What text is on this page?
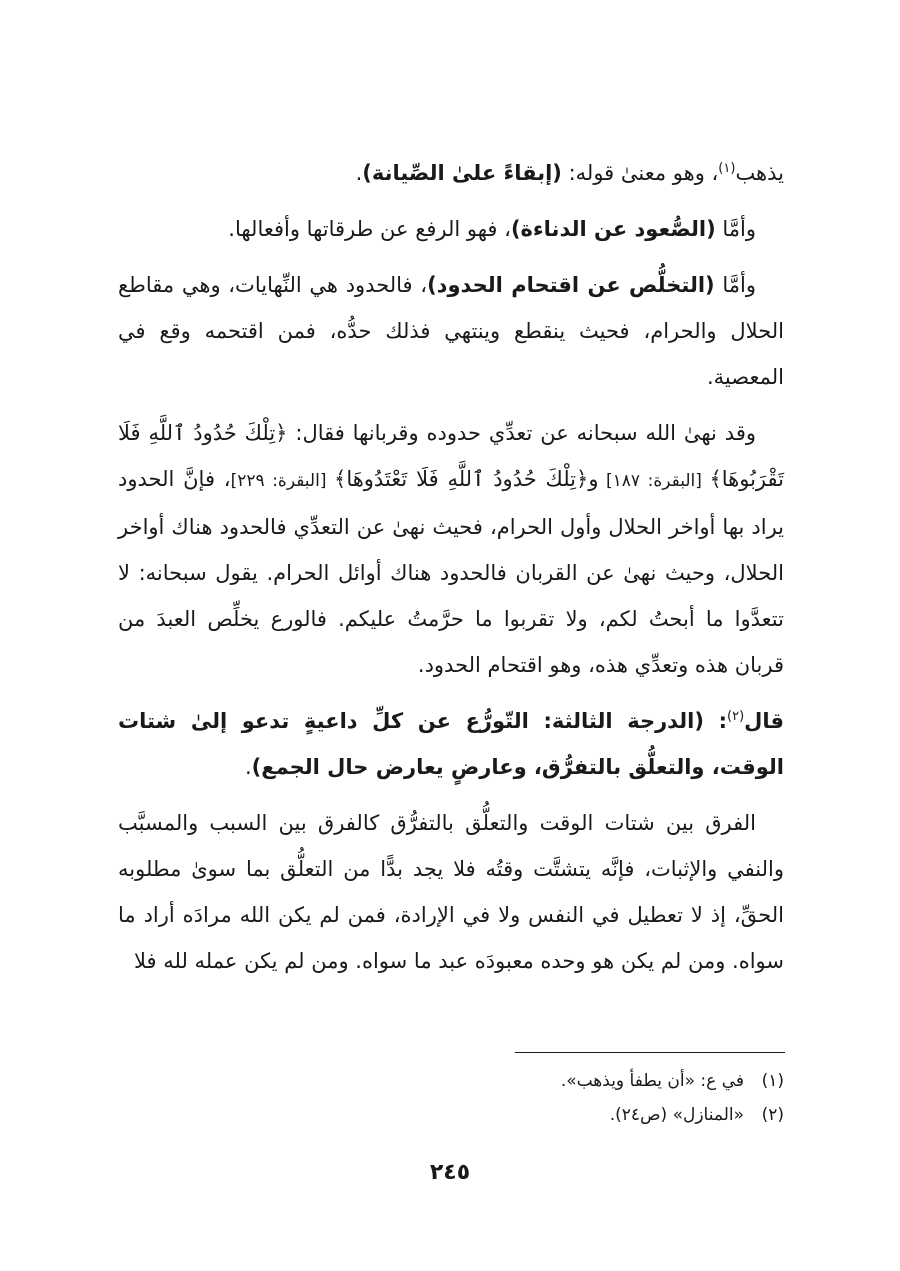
يذهب$^{(١)}$، وهو معنىٰ قوله: (إبقاءً علىٰ الصِّيانة).

وأمَّا (الصُّعود عن الدناءة)، فهو الرفع عن طرقاتها وأفعالها.

وأمَّا (التخلُّص عن اقتحام الحدود)، فالحدود هي النِّهايات، وهي مقاطع الحلال والحرام، فحيث ينقطع وينتهي فذلك حدُّه، فمن اقتحمه وقع في المعصية.

وقد نهىٰ الله سبحانه عن تعدِّي حدوده وقربانها فقال: ﴿تِلْكَ حُدُودُ ٱللَّهِ فَلَا تَقْرَبُوهَا﴾ [البقرة: ١٨٧] و﴿تِلْكَ حُدُودُ ٱللَّهِ فَلَا تَعْتَدُوهَا﴾ [البقرة: ٢٢٩]، فإنَّ الحدود يراد بها أواخر الحلال وأول الحرام، فحيث نهىٰ عن التعدِّي فالحدود هناك أواخر الحلال، وحيث نهىٰ عن القربان فالحدود هناك أوائل الحرام. يقول سبحانه: لا تتعدَّوا ما أبحتُ لكم، ولا تقربوا ما حرَّمتُ عليكم. فالورع يخلِّص العبدَ من قربان هذه وتعدِّي هذه، وهو اقتحام الحدود.

قال$^{(٢)}$: (الدرجة الثالثة: التّورُّع عن كلِّ داعيةٍ تدعو إلىٰ شتات الوقت، والتعلُّق بالتفرُّق، وعارضٍ يعارض حال الجمع).

الفرق بين شتات الوقت والتعلُّق بالتفرُّق كالفرق بين السبب والمسبَّب والنفي والإثبات، فإنَّه يتشتَّت وقتُه فلا يجد بدًّا من التعلُّق بما سوىٰ مطلوبه الحقِّ، إذ لا تعطيل في النفس ولا في الإرادة، فمن لم يكن الله مرادَه أراد ما سواه. ومن لم يكن هو وحده معبودَه عبد ما سواه. ومن لم يكن عمله لله فلا

(١)في ع: «أن يطفأ ويذهب».
(٢)«المنازل» (ص٢٤).
٢٤٥
